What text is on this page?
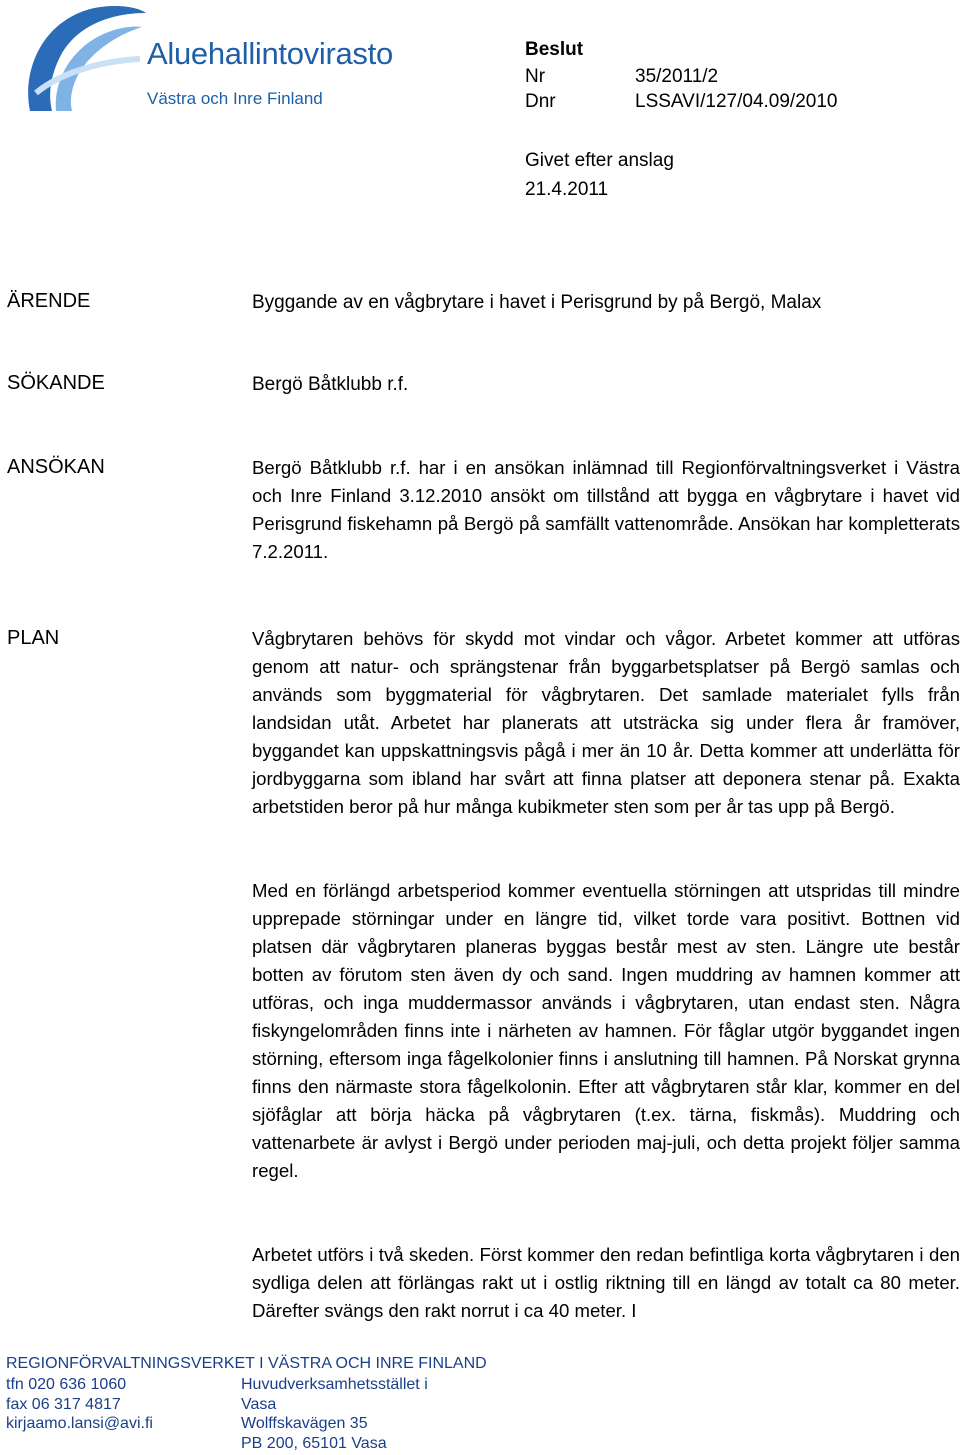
Aluehallintovirasto
Västra och Inre Finland
Beslut
Nr	35/2011/2
Dnr	LSSAVI/127/04.09/2010
Givet efter anslag
21.4.2011
ÄRENDE	Byggande av en vågbrytare i havet i Perisgrund by på Bergö, Malax
SÖKANDE	Bergö Båtklubb r.f.
ANSÖKAN	Bergö Båtklubb r.f. har i en ansökan inlämnad till Regionförvaltningsverket i Västra och Inre Finland 3.12.2010 ansökt om tillstånd att bygga en vågbrytare i havet vid Perisgrund fiskehamn på Bergö på samfällt vattenområde. Ansökan har kompletterats 7.2.2011.
PLAN	Vågbrytaren behövs för skydd mot vindar och vågor. Arbetet kommer att utföras genom att natur- och sprängstenar från byggarbetsplatser på Bergö samlas och används som byggmaterial för vågbrytaren. Det samlade materialet fylls från landsidan utåt. Arbetet har planerats att utsträcka sig under flera år framöver, byggandet kan uppskattningsvis pågå i mer än 10 år. Detta kommer att underlätta för jordbyggarna som ibland har svårt att finna platser att deponera stenar på. Exakta arbetstiden beror på hur många kubikmeter sten som per år tas upp på Bergö.
Med en förlängd arbetsperiod kommer eventuella störningen att utspridas till mindre upprepade störningar under en längre tid, vilket torde vara positivt. Bottnen vid platsen där vågbrytaren planeras byggas består mest av sten. Längre ute består botten av förutom sten även dy och sand. Ingen muddring av hamnen kommer att utföras, och inga muddermassor används i vågbrytaren, utan endast sten. Några fiskyngelområden finns inte i närheten av hamnen. För fåglar utgör byggandet ingen störning, eftersom inga fågelkolonier finns i anslutning till hamnen. På Norskat grynna finns den närmaste stora fågelkolonin. Efter att vågbrytaren står klar, kommer en del sjöfåglar att börja häcka på vågbrytaren (t.ex. tärna, fiskmås). Muddring och vattenarbete är avlyst i Bergö under perioden maj-juli, och detta projekt följer samma regel.
Arbetet utförs i två skeden. Först kommer den redan befintliga korta vågbrytaren i den sydliga delen att förlängas rakt ut i ostlig riktning till en längd av totalt ca 80 meter. Därefter svängs den rakt norrut i ca 40 meter. I
REGIONFÖRVALTNINGSVERKET I VÄSTRA OCH INRE FINLAND
tfn 020 636 1060
fax 06 317 4817
kirjaamo.lansi@avi.fi
Huvudverksamhetsstället i
Vasa
Wolffskavägen 35
PB 200, 65101 Vasa
